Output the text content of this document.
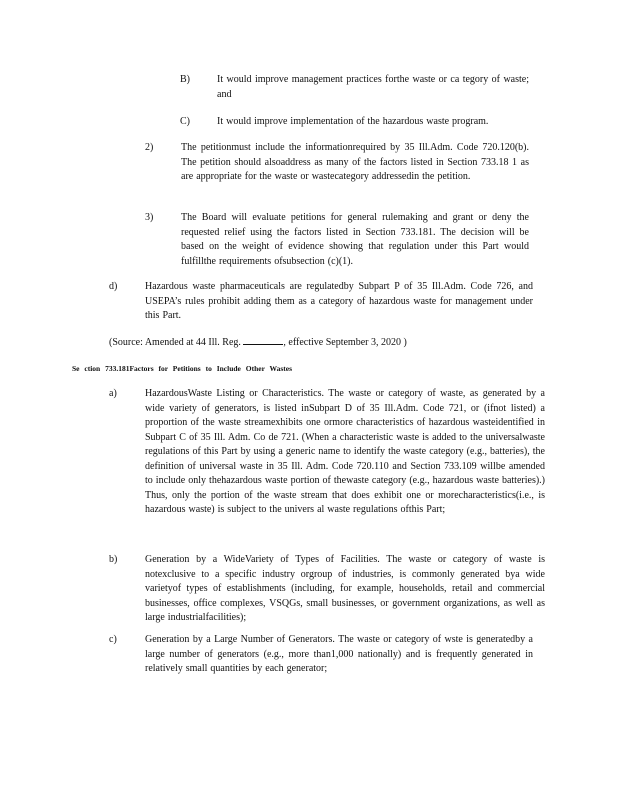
B)	It would improve management practices forthe waste or ca tegory of waste; and
C)	It would improve implementation of the hazardous waste program.
2)	The petitionmust include the informationrequired by 35 Ill.Adm. Code 720.120(b). The petition should alsoaddress as many of the factors listed in Section 733.18 1 as are appropriate for the waste or wastecategory addressedin the petition.
3)	The Board will evaluate petitions for general rulemaking and grant or deny the requested relief using the factors listed in Section 733.181. The decision will be based on the weight of evidence showing that regulation under this Part would fulfillthe requirements ofsubsection (c)(1).
d)	Hazardous waste pharmaceuticals are regulatedby Subpart P of 35 Ill.Adm. Code 726, and USEPA’s rules prohibit adding them as a category of hazardous waste for management under this Part.
(Source: Amended at 44 Ill. Reg.	, effective September 3, 2020 )
Se ction 733.181Factors for Petitions to Include Other Wastes
a)	HazardousWaste Listing or Characteristics. The waste or category of waste, as generated by a wide variety of generators, is listed inSubpart D of 35 Ill.Adm. Code 721, or (ifnot listed) a proportion of the waste streamexhibits one ormore characteristics of hazardous wasteidentified in Subpart C of 35 Ill. Adm. Co de 721. (When a characteristic waste is added to the universalwaste regulations of this Part by using a generic name to identify the waste category (e.g., batteries), the definition of universal waste in 35 Ill. Adm. Code 720.110 and Section 733.109 willbe amended to include only thehazardous waste portion of thewaste category (e.g., hazardous waste batteries).) Thus, only the portion of the waste stream that does exhibit one or morecharacteristics(i.e., is hazardous waste) is subject to the univers al waste regulations ofthis Part;
b)	Generation by a WideVariety of Types of Facilities. The waste or category of waste is notexclusive to a specific industry orgroup of industries, is commonly generated bya wide varietyof types of establishments (including, for example, households, retail and commercial businesses, office complexes, VSQGs, small businesses, or government organizations, as well as large industrialfacilities);
c)	Generation by a Large Number of Generators. The waste or category of wste is generatedby a large number of generators (e.g., more than1,000 nationally) and is frequently generated in relatively small quantities by each generator;
